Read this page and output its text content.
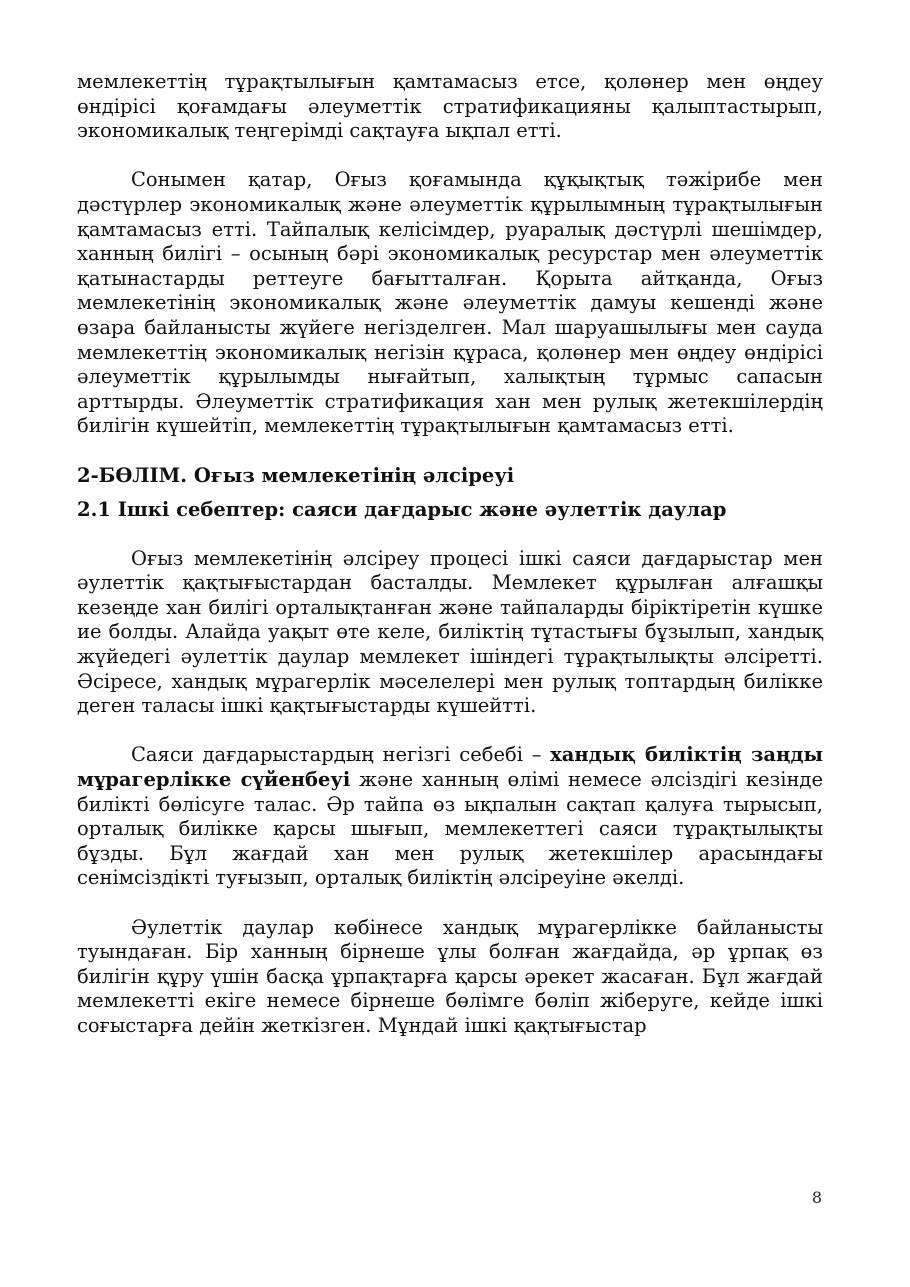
мемлекеттің тұрақтылығын қамтамасыз етсе, қолөнер мен өңдеу өндірісі қоғамдағы әлеуметтік стратификацияны қалыптастырып, экономикалық теңгерімді сақтауға ықпал етті.

Сонымен қатар, Оғыз қоғамында құқықтық тәжірибе мен дәстүрлер экономикалық және әлеуметтік құрылымның тұрақтылығын қамтамасыз етті. Тайпалық келісімдер, руаралық дәстүрлі шешімдер, ханның билігі – осының бәрі экономикалық ресурстар мен әлеуметтік қатынастарды реттеуге бағытталған. Қорыта айтқанда, Оғыз мемлекетінің экономикалық және әлеуметтік дамуы кешенді және өзара байланысты жүйеге негізделген. Мал шаруашылығы мен сауда мемлекеттің экономикалық негізін құраса, қолөнер мен өңдеу өндірісі әлеуметтік құрылымды нығайтып, халықтың тұрмыс сапасын арттырды. Әлеуметтік стратификация хан мен рулық жетекшілердің билігін күшейтіп, мемлекеттің тұрақтылығын қамтамасыз етті.

2-БӨЛІМ. Оғыз мемлекетінің әлсіреуі
2.1 Ішкі себептер: саяси дағдарыс және әулеттік даулар

Оғыз мемлекетінің әлсіреу процесі ішкі саяси дағдарыстар мен әулеттік қақтығыстардан басталды. Мемлекет құрылған алғашқы кезеңде хан билігі орталықтанған және тайпаларды біріктіретін күшке ие болды. Алайда уақыт өте келе, биліктің тұтастығы бұзылып, хандық жүйедегі әулеттік даулар мемлекет ішіндегі тұрақтылықты әлсіретті. Әсіресе, хандық мұрагерлік мәселелері мен рулық топтардың билікке деген таласы ішкі қақтығыстарды күшейтті.

Саяси дағдарыстардың негізгі себебі – хандық биліктің заңды мұрагерлікке сүйенбеуі және ханның өлімі немесе әлсіздігі кезінде билікті бөлісуге талас. Әр тайпа өз ықпалын сақтап қалуға тырысып, орталық билікке қарсы шығып, мемлекеттегі саяси тұрақтылықты бұзды. Бұл жағдай хан мен рулық жетекшілер арасындағы сенімсіздікті туғызып, орталық биліктің әлсіреуіне әкелді.

Әулеттік даулар көбінесе хандық мұрагерлікке байланысты туындаған. Бір ханның бірнеше ұлы болған жағдайда, әр ұрпақ өз билігін құру үшін басқа ұрпақтарға қарсы әрекет жасаған. Бұл жағдай мемлекетті екіге немесе бірнеше бөлімге бөліп жіберуге, кейде ішкі соғыстарға дейін жеткізген. Мұндай ішкі қақтығыстар

8
